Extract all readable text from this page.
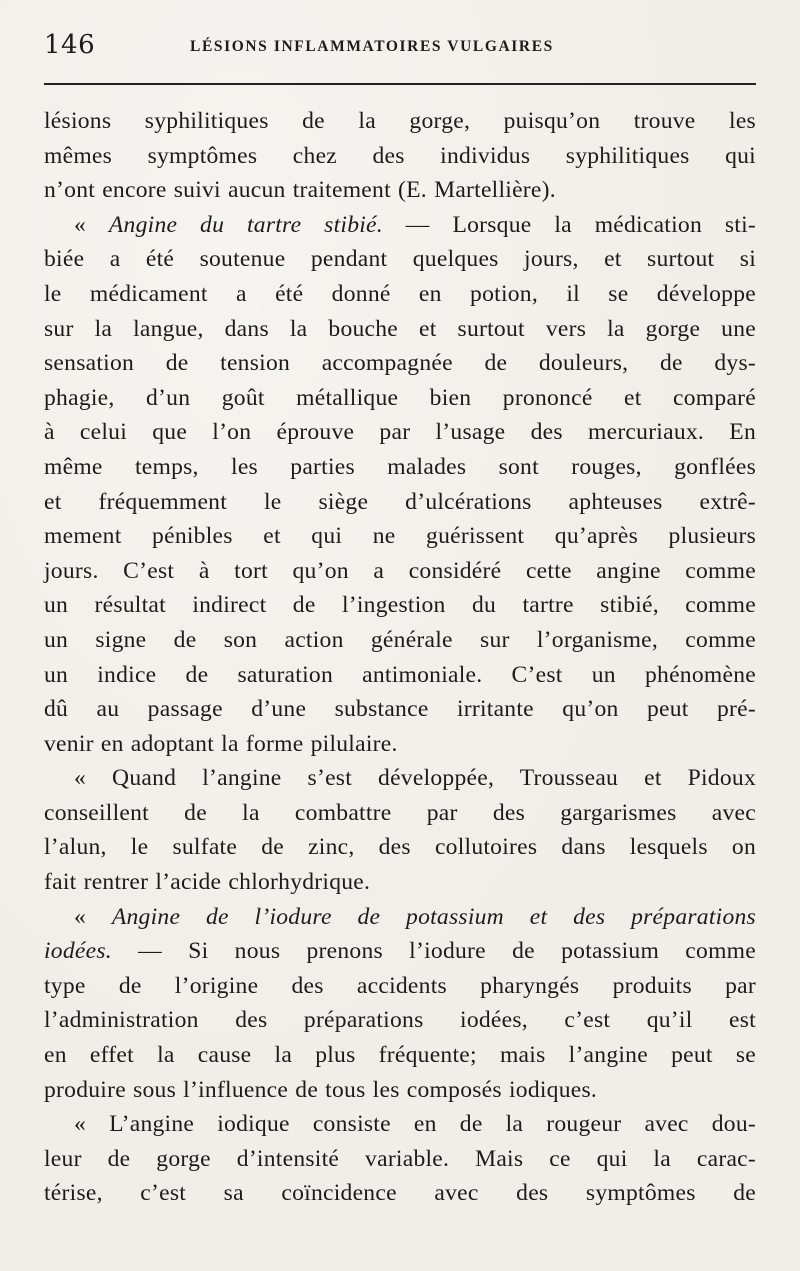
146	LÉSIONS INFLAMMATOIRES VULGAIRES
lésions syphilitiques de la gorge, puisqu’on trouve les
mêmes symptômes chez des individus syphilitiques qui
n’ont encore suivi aucun traitement (E. Martellière).
« Angine du tartre stibié. — Lorsque la médication sti-
biée a été soutenue pendant quelques jours, et surtout si
le médicament a été donné en potion, il se développe
sur la langue, dans la bouche et surtout vers la gorge une
sensation de tension accompagnée de douleurs, de dys-
phagie, d’un goût métallique bien prononcé et comparé
à celui que l’on éprouve par l’usage des mercuriaux. En
même temps, les parties malades sont rouges, gonflées
et fréquemment le siège d’ulcérations aphteuses extrê-
mement pénibles et qui ne guérissent qu’après plusieurs
jours. C’est à tort qu’on a considéré cette angine comme
un résultat indirect de l’ingestion du tartre stibié, comme
un signe de son action générale sur l’organisme, comme
un indice de saturation antimoniale. C’est un phénomène
dû au passage d’une substance irritante qu’on peut pré-
venir en adoptant la forme pilulaire.
« Quand l’angine s’est développée, Trousseau et Pidoux
conseillent de la combattre par des gargarismes avec
l’alun, le sulfate de zinc, des collutoires dans lesquels on
fait rentrer l’acide chlorhydrique.
« Angine de l’iodure de potassium et des préparations
iodées. — Si nous prenons l’iodure de potassium comme
type de l’origine des accidents pharyngés produits par
l’administration des préparations iodées, c’est qu’il est
en effet la cause la plus fréquente; mais l’angine peut se
produire sous l’influence de tous les composés iodiques.
« L’angine iodique consiste en de la rougeur avec dou-
leur de gorge d’intensité variable. Mais ce qui la carac-
térise, c’est sa coïncidence avec des symptômes de
